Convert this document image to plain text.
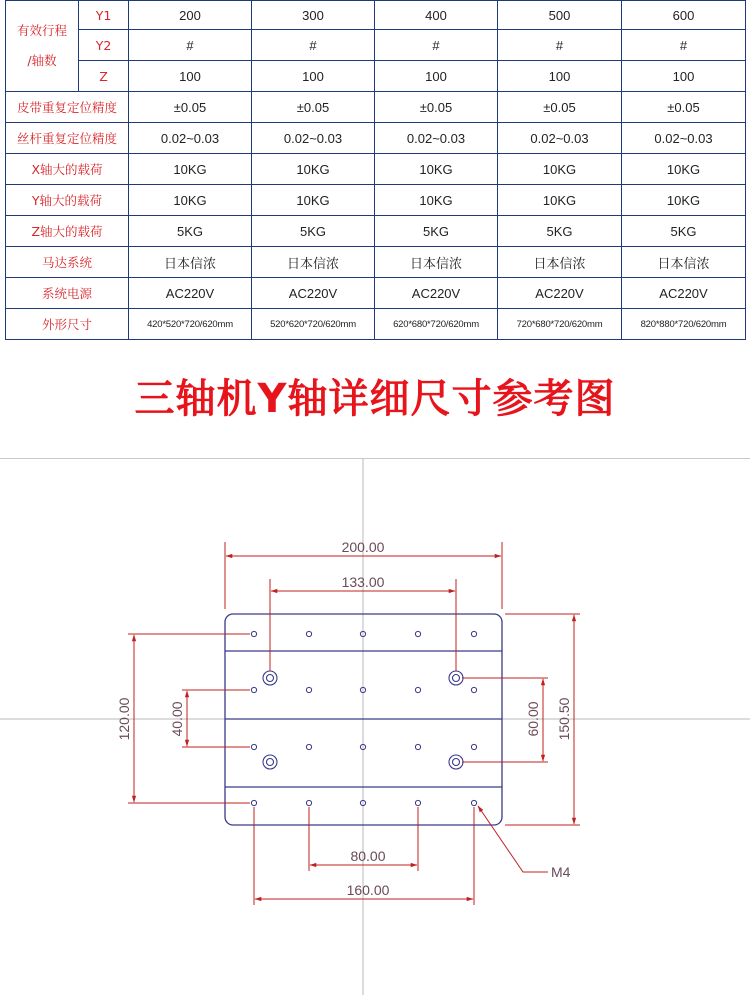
有效行程
/轴数	Y1	200	300	400	500	600
	Y2	#	#	#	#	#
	Z	100	100	100	100	100
皮带重复定位精度		±0.05	±0.05	±0.05	±0.05	±0.05
丝杆重复定位精度		0.02~0.03	0.02~0.03	0.02~0.03	0.02~0.03	0.02~0.03
X轴大的载荷		10KG	10KG	10KG	10KG	10KG
Y轴大的载荷		10KG	10KG	10KG	10KG	10KG
Z轴大的载荷		5KG	5KG	5KG	5KG	5KG
马达系统		日本信浓	日本信浓	日本信浓	日本信浓	日本信浓
系统电源		AC220V	AC220V	AC220V	AC220V	AC220V
外形尺寸		420*520*720/620mm	520*620*720/620mm	620*680*720/620mm	720*680*720/620mm	820*880*720/620mm
三轴机Y轴详细尺寸参考图
200.00
133.00
120.00	40.00	60.00 150.50
80.00
160.00
M4
